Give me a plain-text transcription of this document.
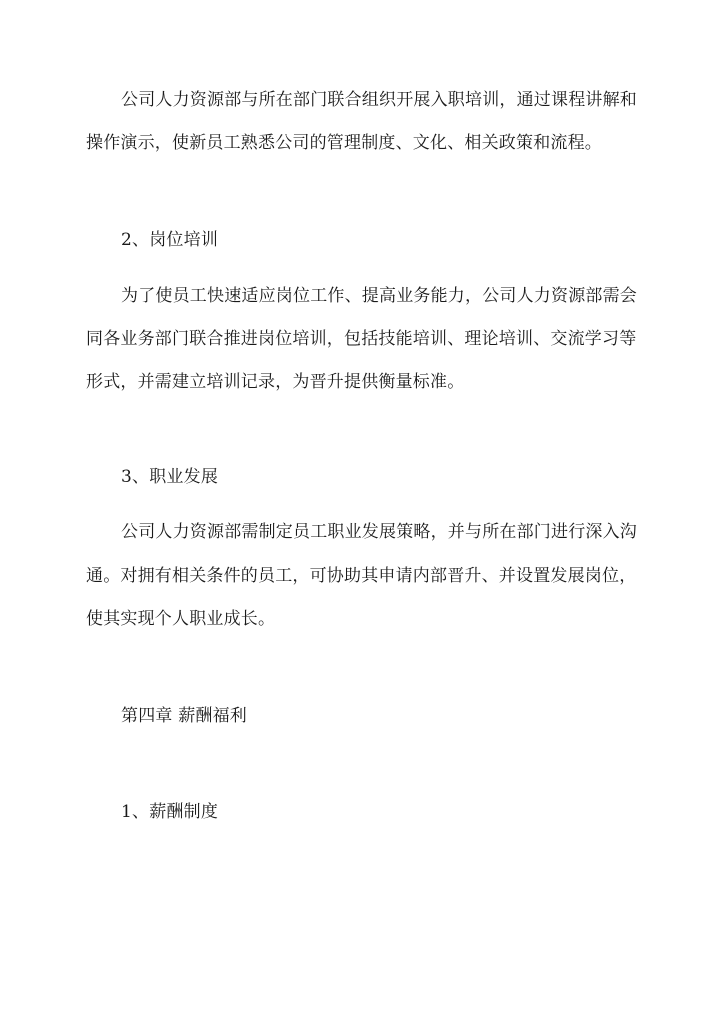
公司人力资源部与所在部门联合组织开展入职培训，通过课程讲解和
操作演示，使新员工熟悉公司的管理制度、文化、相关政策和流程。
2、岗位培训
为了使员工快速适应岗位工作、提高业务能力，公司人力资源部需会
同各业务部门联合推进岗位培训，包括技能培训、理论培训、交流学习等
形式，并需建立培训记录，为晋升提供衡量标准。
3、职业发展
公司人力资源部需制定员工职业发展策略，并与所在部门进行深入沟
通。对拥有相关条件的员工，可协助其申请内部晋升、并设置发展岗位，
使其实现个人职业成长。
第四章 薪酬福利
1、薪酬制度
